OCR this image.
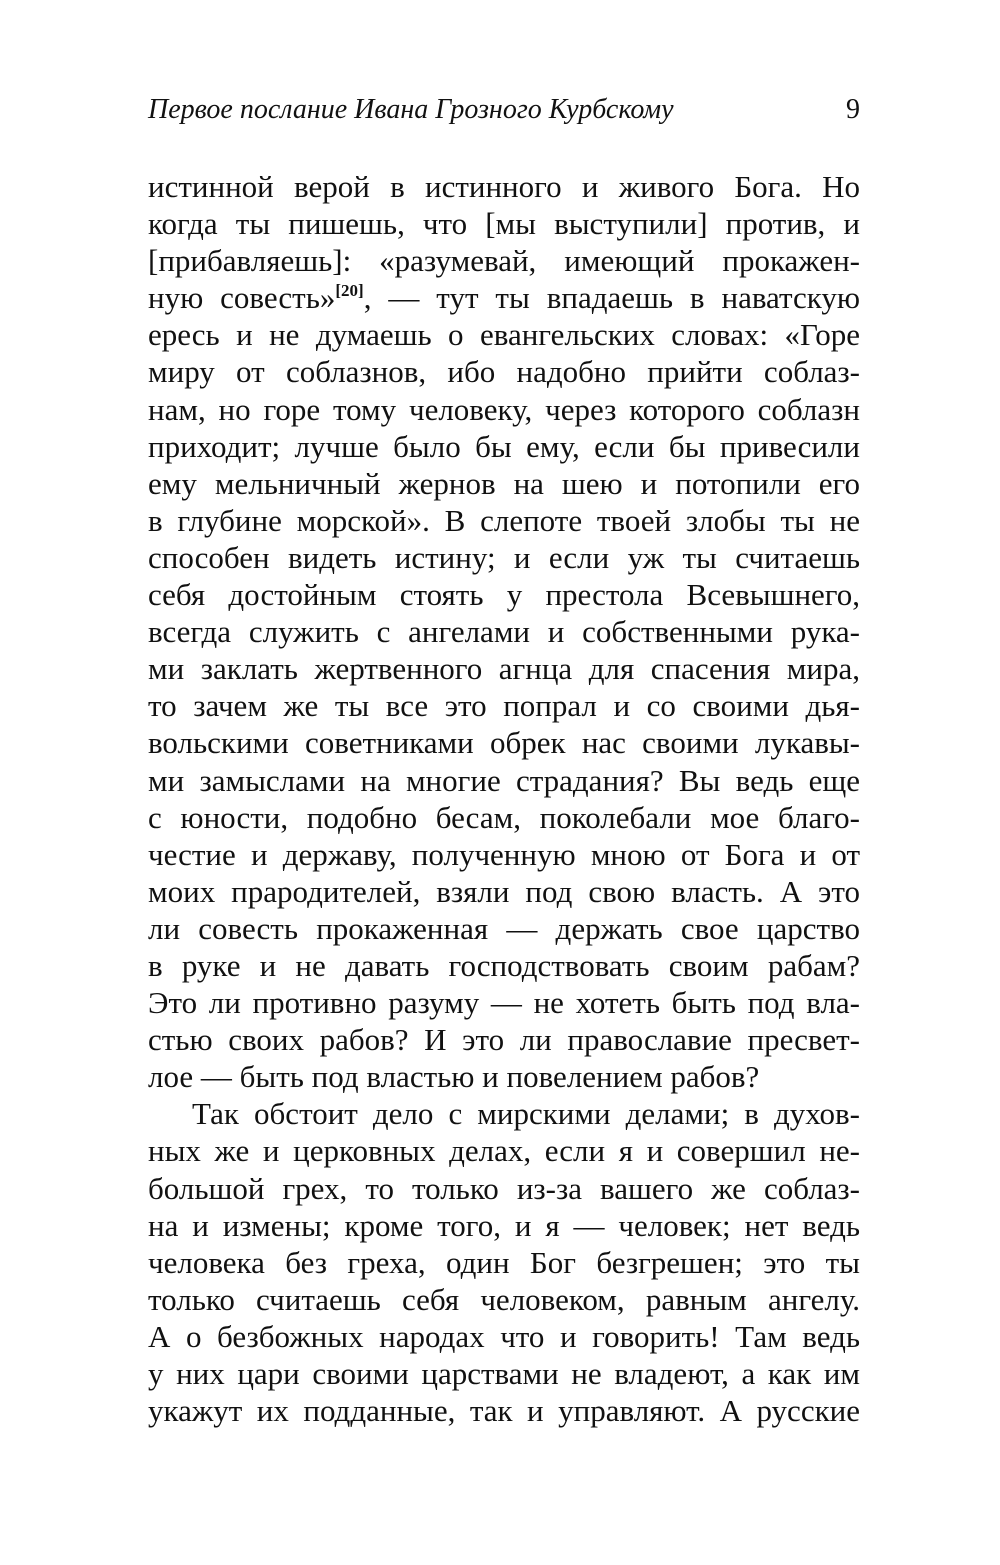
Первое послание Ивана Грозного Курбскому	9
истинной верой в истинного и живого Бога. Но
когда ты пишешь, что [мы выступили] против, и
[прибавляешь]: «разумевай, имеющий прокажен-
ную совесть»[20], — тут ты впадаешь в наватскую
ересь и не думаешь о евангельских словах: «Горе
миру от соблазнов, ибо надобно прийти соблаз-
нам, но горе тому человеку, через которого соблазн
приходит; лучше было бы ему, если бы привесили
ему мельничный жернов на шею и потопили его
в глубине морской». В слепоте твоей злобы ты не
способен видеть истину; и если уж ты считаешь
себя достойным стоять у престола Всевышнего,
всегда служить с ангелами и собственными рука-
ми заклать жертвенного агнца для спасения мира,
то зачем же ты все это попрал и со своими дья-
вольскими советниками обрек нас своими лукавы-
ми замыслами на многие страдания? Вы ведь еще
с юности, подобно бесам, поколебали мое благо-
честие и державу, полученную мною от Бога и от
моих прародителей, взяли под свою власть. А это
ли совесть прокаженная — держать свое царство
в руке и не давать господствовать своим рабам?
Это ли противно разуму — не хотеть быть под вла-
стью своих рабов? И это ли православие пресвет-
лое — быть под властью и повелением рабов?
Так обстоит дело с мирскими делами; в духов-
ных же и церковных делах, если я и совершил не-
большой грех, то только из-за вашего же соблаз-
на и измены; кроме того, и я — человек; нет ведь
человека без греха, один Бог безгрешен; это ты
только считаешь себя человеком, равным ангелу.
А о безбожных народах что и говорить! Там ведь
у них цари своими царствами не владеют, а как им
укажут их подданные, так и управляют. А русские
